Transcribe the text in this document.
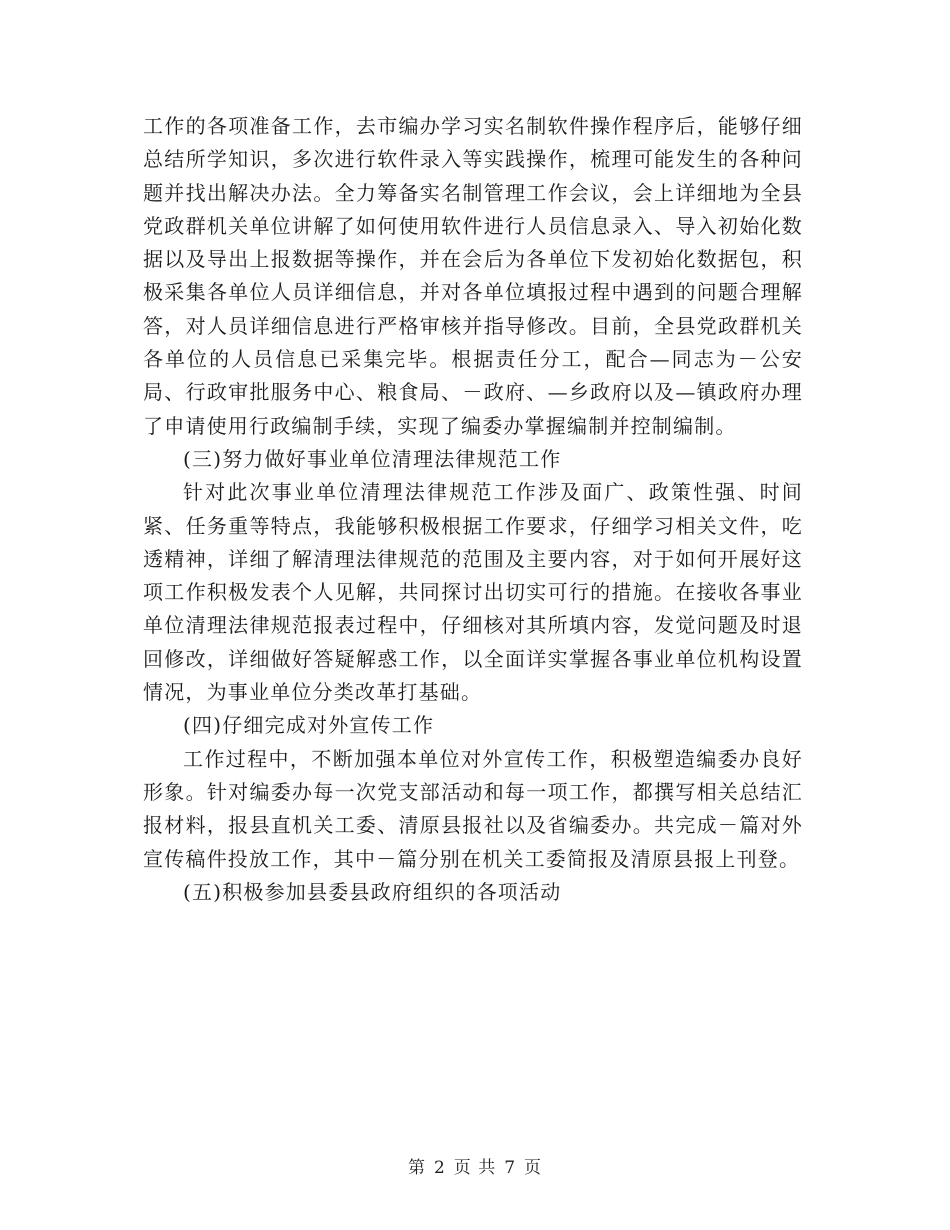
工作的各项准备工作，去市编办学习实名制软件操作程序后，能够仔细总结所学知识，多次进行软件录入等实践操作，梳理可能发生的各种问题并找出解决办法。全力筹备实名制管理工作会议，会上详细地为全县党政群机关单位讲解了如何使用软件进行人员信息录入、导入初始化数据以及导出上报数据等操作，并在会后为各单位下发初始化数据包，积极采集各单位人员详细信息，并对各单位填报过程中遇到的问题合理解答，对人员详细信息进行严格审核并指导修改。目前，全县党政群机关各单位的人员信息已采集完毕。根据责任分工，配合—同志为－公安局、行政审批服务中心、粮食局、－政府、—乡政府以及—镇政府办理了申请使用行政编制手续，实现了编委办掌握编制并控制编制。

(三)努力做好事业单位清理法律规范工作

针对此次事业单位清理法律规范工作涉及面广、政策性强、时间紧、任务重等特点，我能够积极根据工作要求，仔细学习相关文件，吃透精神，详细了解清理法律规范的范围及主要内容，对于如何开展好这项工作积极发表个人见解，共同探讨出切实可行的措施。在接收各事业单位清理法律规范报表过程中，仔细核对其所填内容，发觉问题及时退回修改，详细做好答疑解惑工作，以全面详实掌握各事业单位机构设置情况，为事业单位分类改革打基础。

(四)仔细完成对外宣传工作

工作过程中，不断加强本单位对外宣传工作，积极塑造编委办良好形象。针对编委办每一次党支部活动和每一项工作，都撰写相关总结汇报材料，报县直机关工委、清原县报社以及省编委办。共完成－篇对外宣传稿件投放工作，其中－篇分别在机关工委简报及清原县报上刊登。

(五)积极参加县委县政府组织的各项活动

第 2 页 共 7 页
